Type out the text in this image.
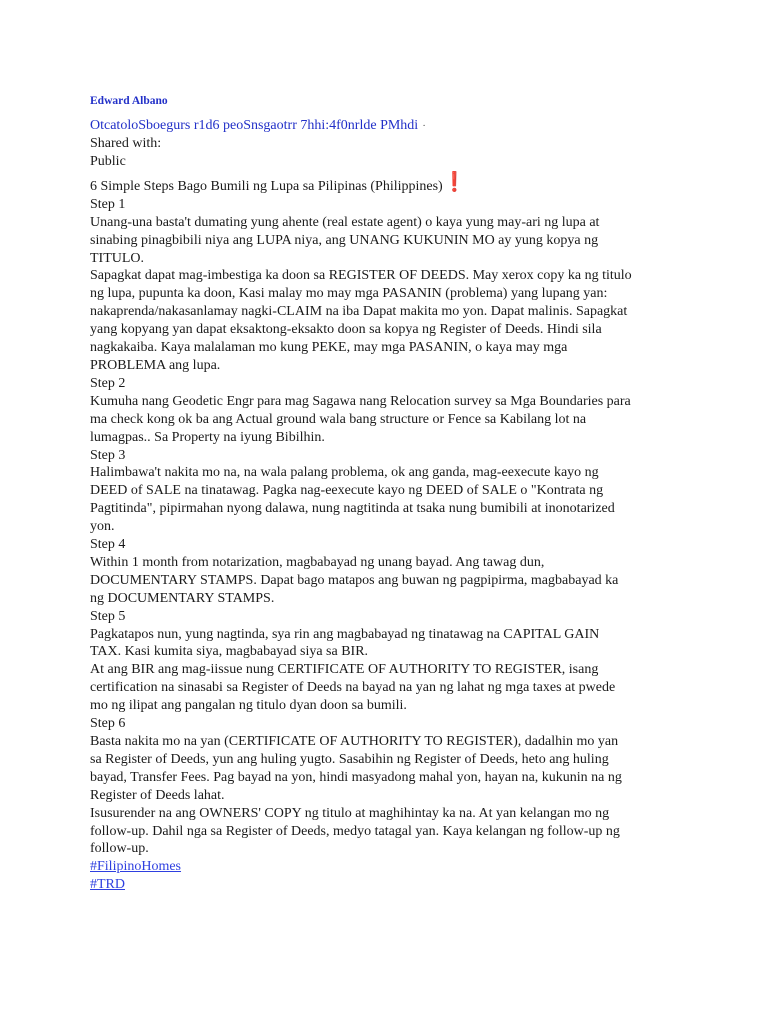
Edward Albano
OtcatoloSboegurs r1d6 peoSnsgaotrr 7hhi:4f0nrlde PMhdi ·
Shared with:
Public
6 Simple Steps Bago Bumili ng Lupa sa Pilipinas (Philippines)❗
Step 1

Unang-una basta't dumating yung ahente (real estate agent) o kaya yung may-ari ng lupa at
sinabing pinagbibili niya ang LUPA niya, ang UNANG KUKUNIN MO ay yung kopya ng
TITULO.

Sapagkat dapat mag-imbestiga ka doon sa REGISTER OF DEEDS. May xerox copy ka ng titulo
ng lupa, pupunta ka doon, Kasi malay mo may mga PASANIN (problema) yang lupang yan:
nakaprenda/nakasanlamay nagki-CLAIM na iba Dapat makita mo yon. Dapat malinis. Sapagkat
yang kopyang yan dapat eksaktong-eksakto doon sa kopya ng Register of Deeds. Hindi sila
nagkakaiba. Kaya malalaman mo kung PEKE, may mga PASANIN, o kaya may mga
PROBLEMA ang lupa.

Step 2

Kumuha nang Geodetic Engr para mag Sagawa nang Relocation survey sa Mga Boundaries para
ma check kong ok ba ang Actual ground wala bang structure or Fence sa Kabilang lot na
lumagpas.. Sa Property na iyung Bibilhin.

Step 3

Halimbawa't nakita mo na, na wala palang problema, ok ang ganda, mag-eexecute kayo ng
DEED of SALE na tinatawag. Pagka nag-eexecute kayo ng DEED of SALE o "Kontrata ng
Pagtitinda", pipirmahan nyong dalawa, nung nagtitinda at tsaka nung bumibili at inonotarized
yon.

Step 4

Within 1 month from notarization, magbabayad ng unang bayad. Ang tawag dun,
DOCUMENTARY STAMPS. Dapat bago matapos ang buwan ng pagpipirma, magbabayad ka
ng DOCUMENTARY STAMPS.

Step 5

Pagkatapos nun, yung nagtinda, sya rin ang magbabayad ng tinatawag na CAPITAL GAIN
TAX. Kasi kumita siya, magbabayad siya sa BIR.

At ang BIR ang mag-iissue nung CERTIFICATE OF AUTHORITY TO REGISTER, isang
certification na sinasabi sa Register of Deeds na bayad na yan ng lahat ng mga taxes at pwede
mo ng ilipat ang pangalan ng titulo dyan doon sa bumili.

Step 6

Basta nakita mo na yan (CERTIFICATE OF AUTHORITY TO REGISTER), dadalhin mo yan
sa Register of Deeds, yun ang huling yugto. Sasabihin ng Register of Deeds, heto ang huling
bayad, Transfer Fees. Pag bayad na yon, hindi masyadong mahal yon, hayan na, kukunin na ng
Register of Deeds lahat.

Isusurender na ang OWNERS' COPY ng titulo at maghihintay ka na. At yan kelangan mo ng
follow-up. Dahil nga sa Register of Deeds, medyo tatagal yan. Kaya kelangan ng follow-up ng
follow-up.

#FilipinoHomes
#TRD
